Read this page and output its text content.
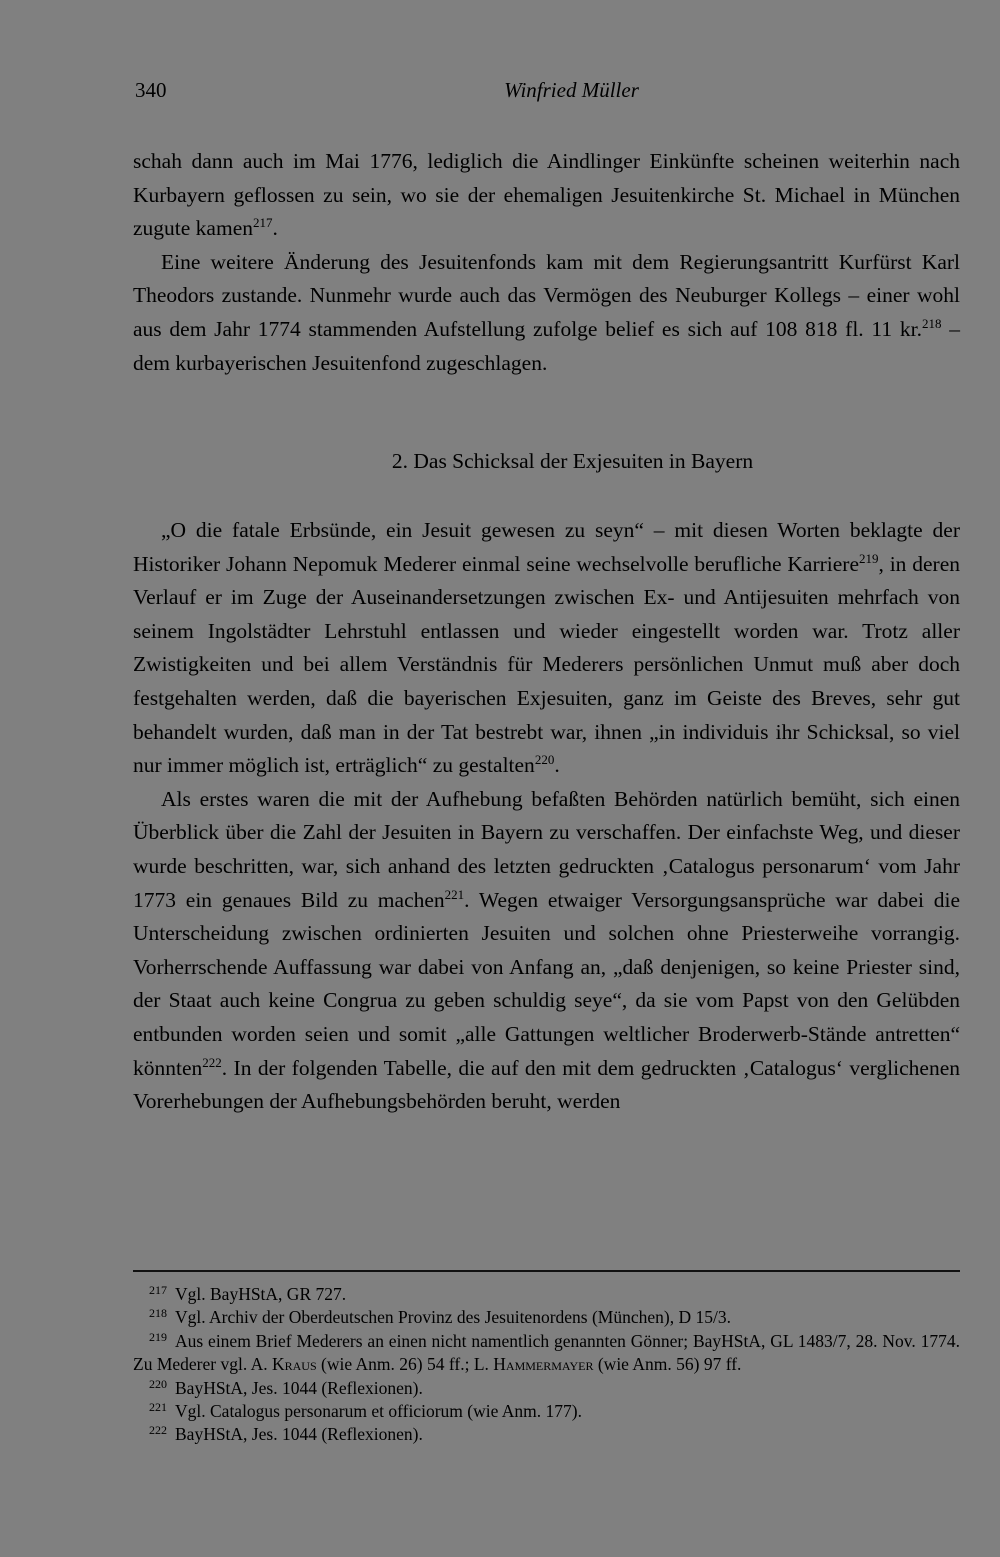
340	Winfried Müller

schah dann auch im Mai 1776, lediglich die Aindlinger Einkünfte scheinen weiterhin nach Kurbayern geflossen zu sein, wo sie der ehemaligen Jesuitenkirche St. Michael in München zugute kamen$^{217}$.

Eine weitere Änderung des Jesuitenfonds kam mit dem Regierungsantritt Kurfürst Karl Theodors zustande. Nunmehr wurde auch das Vermögen des Neuburger Kollegs – einer wohl aus dem Jahr 1774 stammenden Aufstellung zufolge belief es sich auf 108 818 fl. 11 kr.$^{218}$ – dem kurbayerischen Jesuitenfond zugeschlagen.

2. Das Schicksal der Exjesuiten in Bayern

„O die fatale Erbsünde, ein Jesuit gewesen zu seyn“ – mit diesen Worten beklagte der Historiker Johann Nepomuk Mederer einmal seine wechselvolle berufliche Karriere$^{219}$, in deren Verlauf er im Zuge der Auseinandersetzungen zwischen Ex- und Antijesuiten mehrfach von seinem Ingolstädter Lehrstuhl entlassen und wieder eingestellt worden war. Trotz aller Zwistigkeiten und bei allem Verständnis für Mederers persönlichen Unmut muß aber doch festgehalten werden, daß die bayerischen Exjesuiten, ganz im Geiste des Breves, sehr gut behandelt wurden, daß man in der Tat bestrebt war, ihnen „in individuis ihr Schicksal, so viel nur immer möglich ist, erträglich“ zu gestalten$^{220}$.

Als erstes waren die mit der Aufhebung befaßten Behörden natürlich bemüht, sich einen Überblick über die Zahl der Jesuiten in Bayern zu verschaffen. Der einfachste Weg, und dieser wurde beschritten, war, sich anhand des letzten gedruckten ‚Catalogus personarum‘ vom Jahr 1773 ein genaues Bild zu machen$^{221}$. Wegen etwaiger Versorgungsansprüche war dabei die Unterscheidung zwischen ordinierten Jesuiten und solchen ohne Priesterweihe vorrangig. Vorherrschende Auffassung war dabei von Anfang an, „daß denjenigen, so keine Priester sind, der Staat auch keine Congrua zu geben schuldig seye“, da sie vom Papst von den Gelübden entbunden worden seien und somit „alle Gattungen weltlicher Broderwerb-Stände antretten“ könnten$^{222}$. In der folgenden Tabelle, die auf den mit dem gedruckten ‚Catalogus‘ verglichenen Vorerhebungen der Aufhebungsbehörden beruht, werden

$^{217}$ Vgl. BayHStA, GR 727.

$^{218}$ Vgl. Archiv der Oberdeutschen Provinz des Jesuitenordens (München), D 15/3.

$^{219}$ Aus einem Brief Mederers an einen nicht namentlich genannten Gönner; BayHStA, GL 1483/7, 28. Nov. 1774. Zu Mederer vgl. A. Kraus (wie Anm. 26) 54 ff.; L. Hammermayer (wie Anm. 56) 97 ff.

$^{220}$ BayHStA, Jes. 1044 (Reflexionen).

$^{221}$ Vgl. Catalogus personarum et officiorum (wie Anm. 177).

$^{222}$ BayHStA, Jes. 1044 (Reflexionen).
